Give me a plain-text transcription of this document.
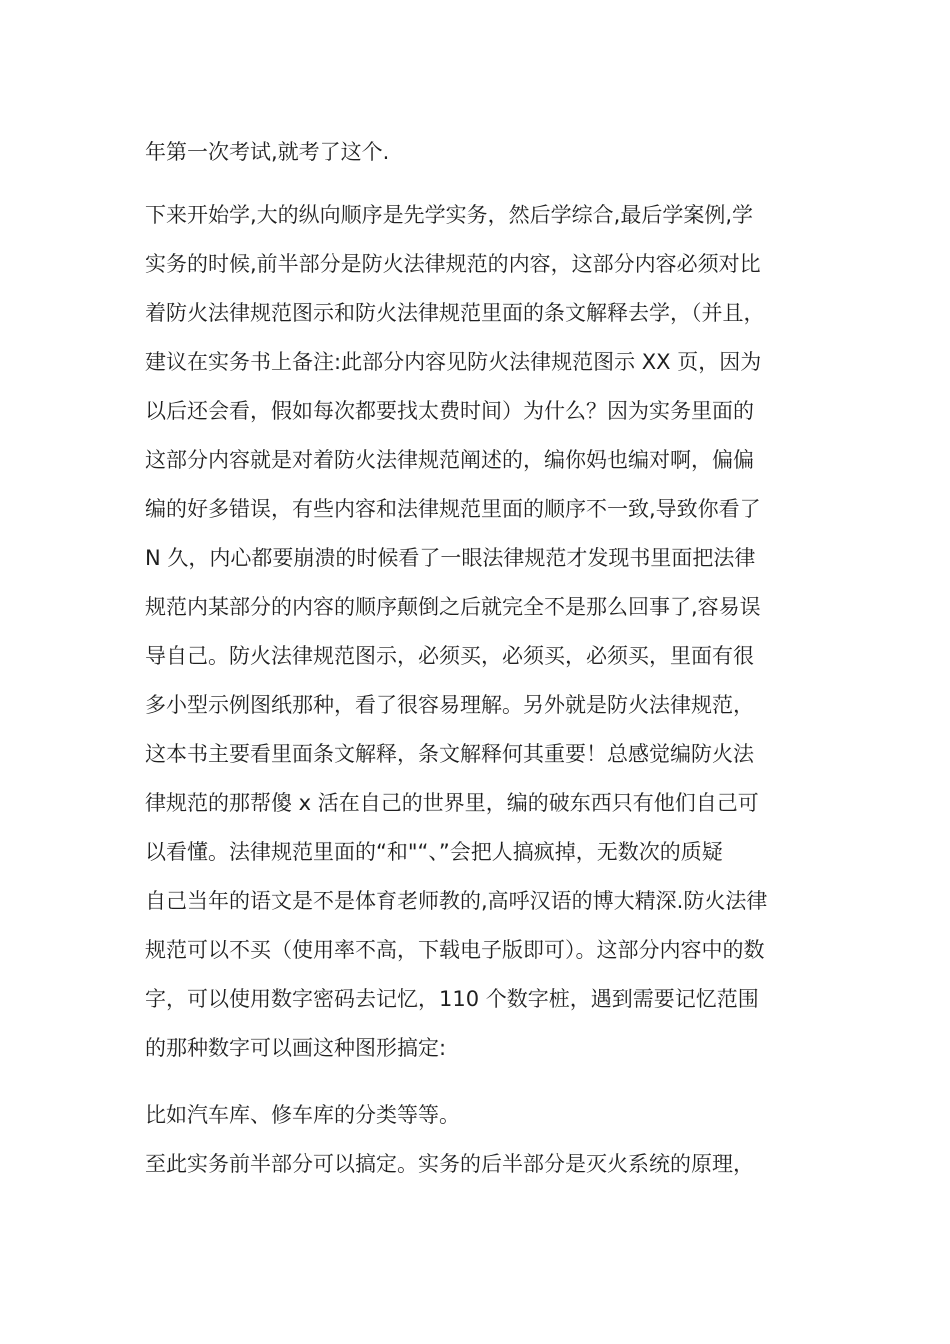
年第一次考试,就考了这个.
下来开始学,大的纵向顺序是先学实务，然后学综合,最后学案例,学
实务的时候,前半部分是防火法律规范的内容，这部分内容必须对比
着防火法律规范图示和防火法律规范里面的条文解释去学，（并且，
建议在实务书上备注:此部分内容见防火法律规范图示 XX 页，因为
以后还会看，假如每次都要找太费时间）为什么？因为实务里面的
这部分内容就是对着防火法律规范阐述的，编你妈也编对啊，偏偏
编的好多错误，有些内容和法律规范里面的顺序不一致,导致你看了
N 久，内心都要崩溃的时候看了一眼法律规范才发现书里面把法律
规范内某部分的内容的顺序颠倒之后就完全不是那么回事了,容易误
导自己。防火法律规范图示，必须买，必须买，必须买，里面有很
多小型示例图纸那种，看了很容易理解。另外就是防火法律规范，
这本书主要看里面条文解释，条文解释何其重要！总感觉编防火法
律规范的那帮傻 x 活在自己的世界里，编的破东西只有他们自己可
以看懂。法律规范里面的“和"“、”会把人搞疯掉，无数次的质疑
自己当年的语文是不是体育老师教的,高呼汉语的博大精深.防火法律
规范可以不买（使用率不高，下载电子版即可）。这部分内容中的数
字，可以使用数字密码去记忆，110 个数字桩，遇到需要记忆范围
的那种数字可以画这种图形搞定:
比如汽车库、修车库的分类等等。
至此实务前半部分可以搞定。实务的后半部分是灭火系统的原理，
